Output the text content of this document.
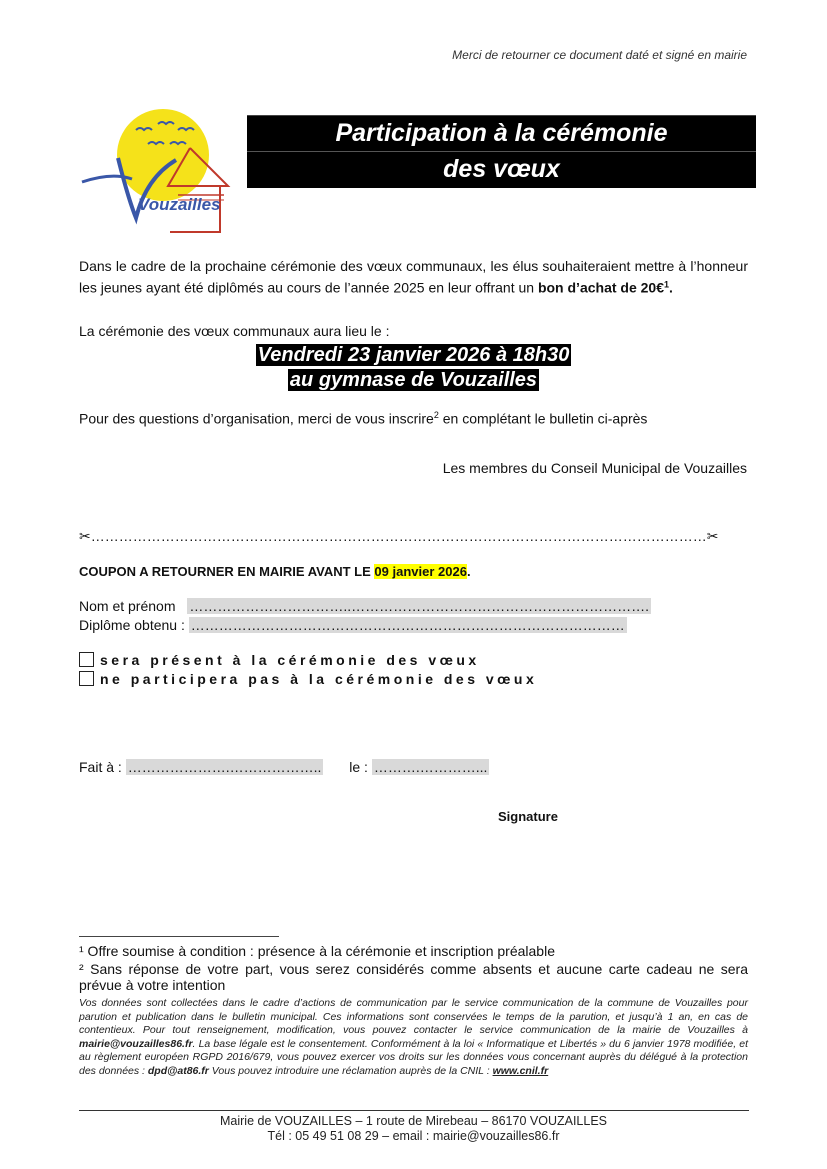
Merci de retourner ce document daté et signé en mairie
Vouzailles
Participation à la cérémonie
des vœux
Dans le cadre de la prochaine cérémonie des vœux communaux, les élus souhaiteraient mettre à l’honneur les jeunes ayant été diplômés au cours de l’année 2025 en leur offrant un bon d’achat de 20€$^1$.
La cérémonie des vœux communaux aura lieu le :
Vendredi 23 janvier 2026 à 18h30
au gymnase de Vouzailles
Pour des questions d’organisation, merci de vous inscrire$^2$ en complétant le bulletin ci-après
Les membres du Conseil Municipal de Vouzailles
✂……………………………………………………………………………………………………………………✂
COUPON A RETOURNER EN MAIRIE AVANT LE 09 janvier 2026.
Nom et prénom ……………………………..……………………………………………………….
Diplôme obtenu : …………………………………………………………………………………
sera présent à la cérémonie des vœux
ne participera pas à la cérémonie des vœux
Fait à : ………………….……………….. le : ……….…………...
Signature
¹ Offre soumise à condition : présence à la cérémonie et inscription préalable
² Sans réponse de votre part, vous serez considérés comme absents et aucune carte cadeau ne sera prévue à votre intention
Vos données sont collectées dans le cadre d’actions de communication par le service communication de la commune de Vouzailles pour parution et publication dans le bulletin municipal. Ces informations sont conservées le temps de la parution, et jusqu’à 1 an, en cas de contentieux. Pour tout renseignement, modification, vous pouvez contacter le service communication de la mairie de Vouzailles à mairie@vouzailles86.fr. La base légale est le consentement. Conformément à la loi « Informatique et Libertés » du 6 janvier 1978 modifiée, et au règlement européen RGPD 2016/679, vous pouvez exercer vos droits sur les données vous concernant auprès du délégué à la protection des données : dpd@at86.fr Vous pouvez introduire une réclamation auprès de la CNIL : www.cnil.fr
Mairie de VOUZAILLES – 1 route de Mirebeau – 86170 VOUZAILLES
Tél : 05 49 51 08 29 – email : mairie@vouzailles86.fr
